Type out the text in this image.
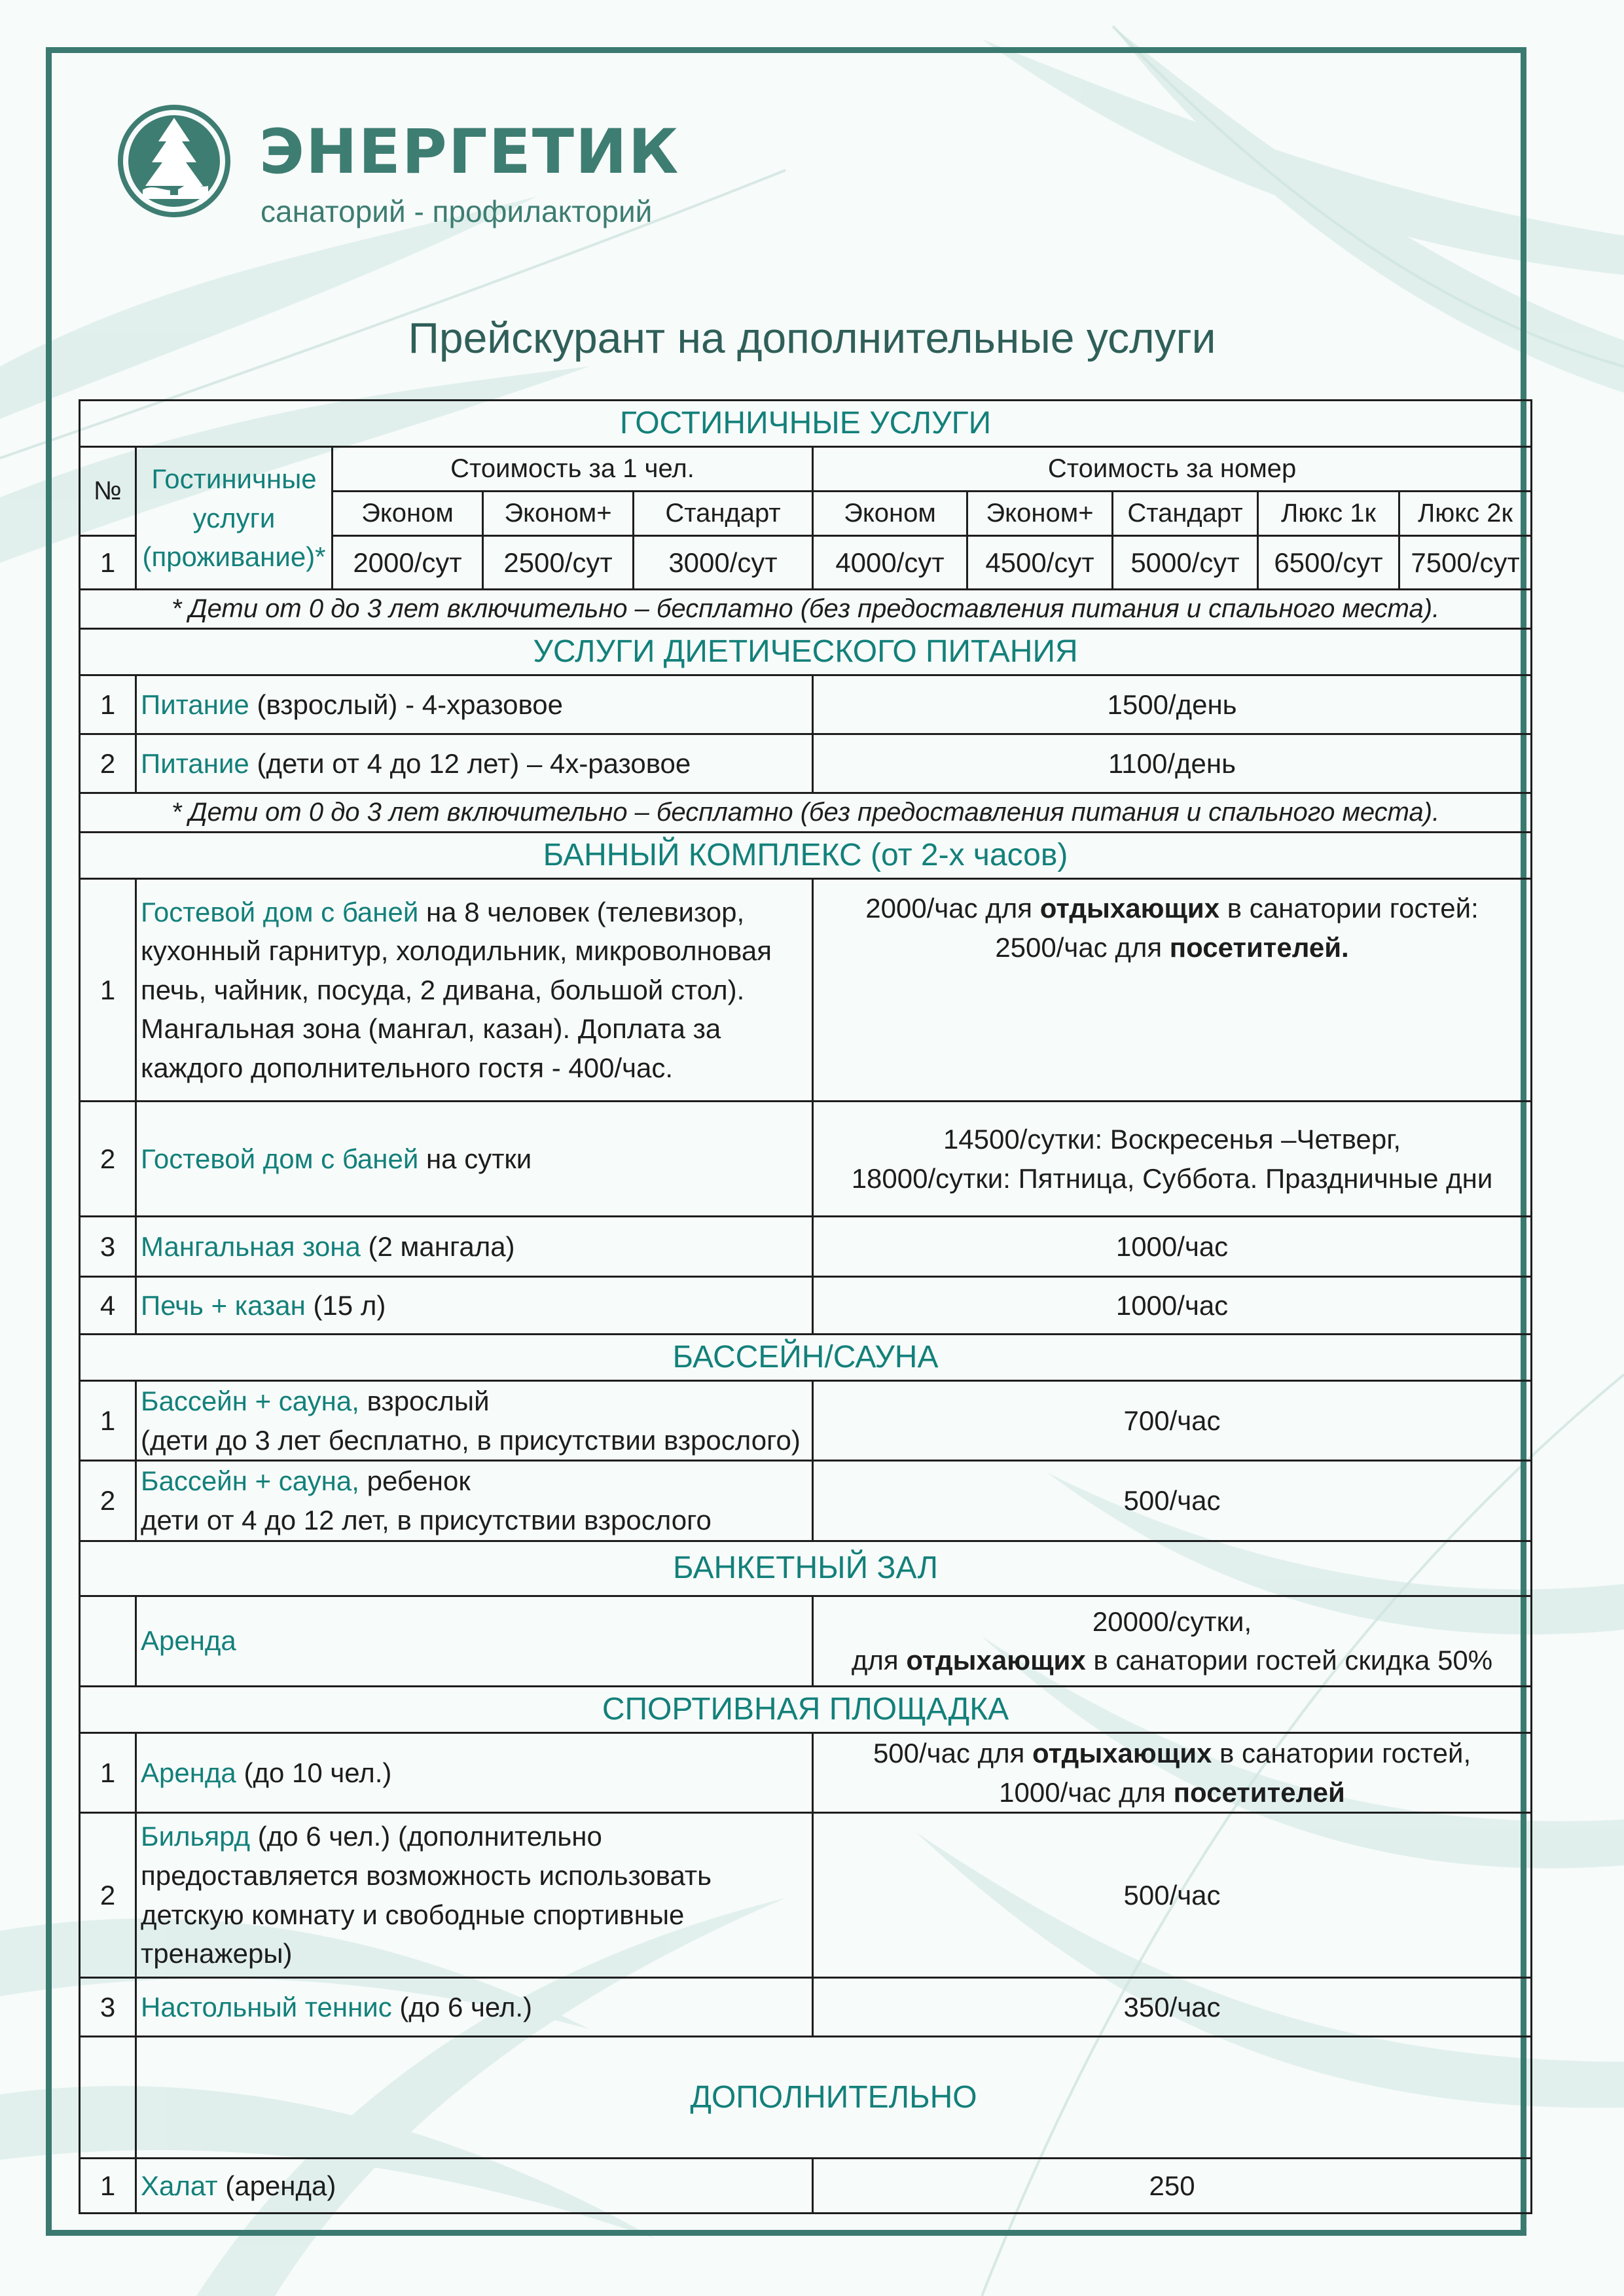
ЭНЕРГЕТИК
санаторий - профилакторий
Прейскурант на дополнительные услуги
ГОСТИНИЧНЫЕ УСЛУГИ									
№	Гостиничные услуги (проживание)*	Стоимость за 1 чел.			Стоимость за номер				
		Эконом	Эконом+	Стандарт	Эконом	Эконом+	Стандарт	Люкс 1к	Люкс 2к
1		2000/сут	2500/сут	3000/сут	4000/сут	4500/сут	5000/сут	6500/сут	7500/сут
* Дети от 0 до 3 лет включительно – бесплатно (без предоставления питания и спального места).									
УСЛУГИ ДИЕТИЧЕСКОГО ПИТАНИЯ									
1	Питание (взрослый) - 4-хразовое				1500/день				
2	Питание (дети от 4 до 12 лет) – 4х-разовое				1100/день				
* Дети от 0 до 3 лет включительно – бесплатно (без предоставления питания и спального места).									
БАННЫЙ КОМПЛЕКС (от 2-х часов)									
1	Гостевой дом с баней на 8 человек (телевизор, кухонный гарнитур, холодильник, микроволновая печь, чайник, посуда, 2 дивана, большой стол). Мангальная зона (мангал, казан). Доплата за каждого дополнительного гостя - 400/час.				2000/час для отдыхающих в санатории гостей:
2500/час для посетителей.				

2	Гостевой дом с баней на сутки				14500/сутки: Воскресенья –Четверг,
18000/сутки: Пятница, Суббота. Праздничные дни				

3	Мангальная зона (2 мангала)				1000/час				
4	Печь + казан (15 л)				1000/час				
БАССЕЙН/САУНА									
1	Бассейн + сауна, взрослый
(дети до 3 лет бесплатно, в присутствии взрослого)				700/час				
2	Бассейн + сауна, ребенок
дети от 4 до 12 лет, в присутствии взрослого				500/час				
БАНКЕТНЫЙ ЗАЛ									
	Аренда				20000/сутки,
для отдыхающих в санатории гостей скидка 50%				

СПОРТИВНАЯ ПЛОЩАДКА									
1	Аренда (до 10 чел.)				500/час для отдыхающих в санатории гостей,
1000/час для посетителей				

2	Бильярд (до 6 чел.) (дополнительно предоставляется возможность использовать детскую комнату и свободные спортивные тренажеры)				500/час				
3	Настольный теннис (до 6 чел.)				350/час				
	ДОПОЛНИТЕЛЬНО								
1	Халат (аренда)				250				
